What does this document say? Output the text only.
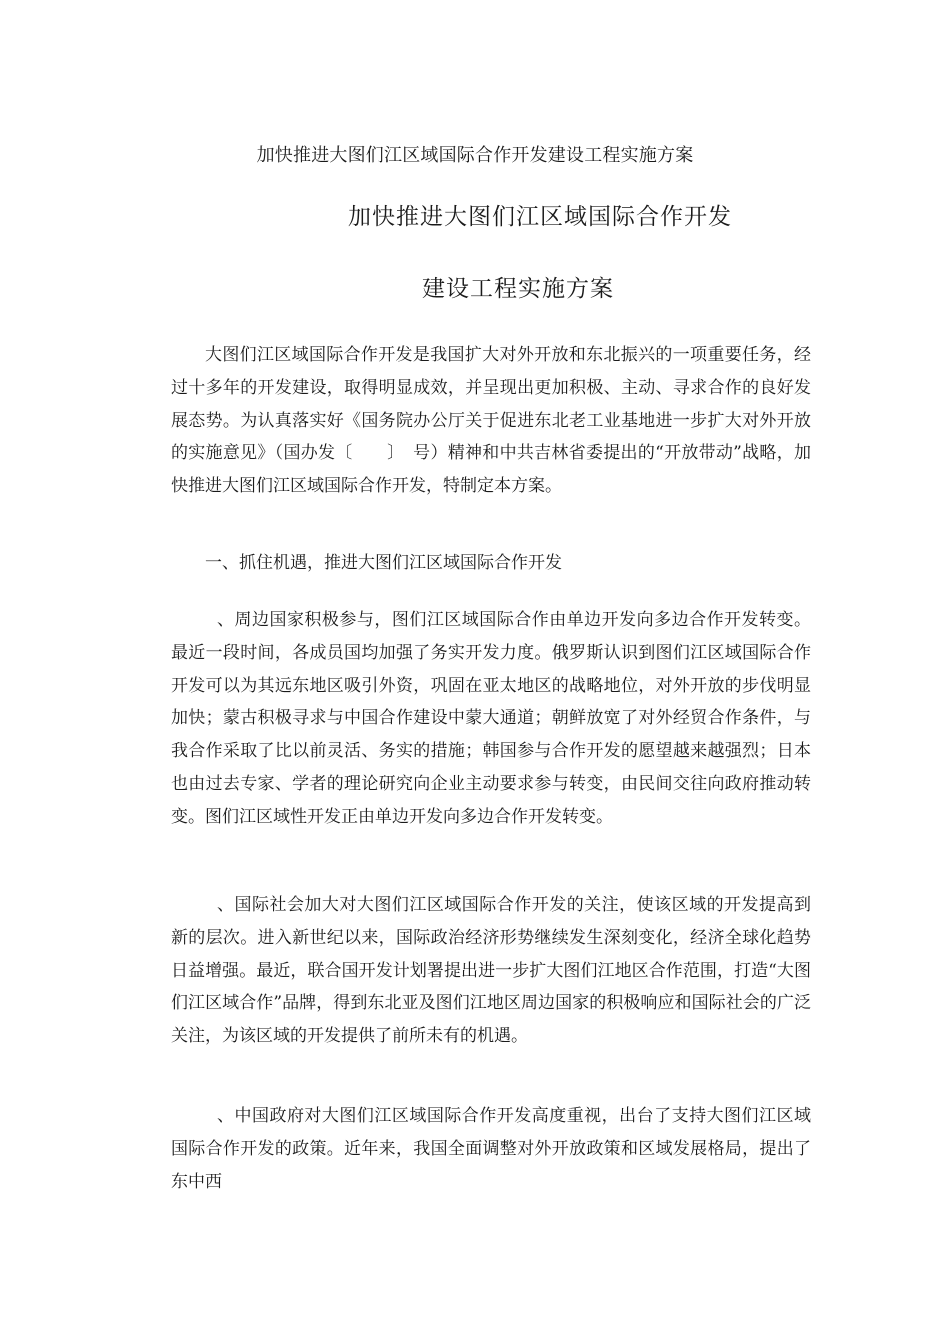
加快推进大图们江区域国际合作开发建设工程实施方案
加快推进大图们江区域国际合作开发
建设工程实施方案

大图们江区域国际合作开发是我国扩大对外开放和东北振兴的一项重要任务，经过十多年的开发建设，取得明显成效，并呈现出更加积极、主动、寻求合作的良好发展态势。为认真落实好《国务院办公厅关于促进东北老工业基地进一步扩大对外开放的实施意见》（国办发〔　　〕　号）精神和中共吉林省委提出的“开放带动”战略，加快推进大图们江区域国际合作开发，特制定本方案。

一、抓住机遇，推进大图们江区域国际合作开发

、周边国家积极参与，图们江区域国际合作由单边开发向多边合作开发转变。最近一段时间，各成员国均加强了务实开发力度。俄罗斯认识到图们江区域国际合作开发可以为其远东地区吸引外资，巩固在亚太地区的战略地位，对外开放的步伐明显加快；蒙古积极寻求与中国合作建设中蒙大通道；朝鲜放宽了对外经贸合作条件，与我合作采取了比以前灵活、务实的措施；韩国参与合作开发的愿望越来越强烈；日本也由过去专家、学者的理论研究向企业主动要求参与转变，由民间交往向政府推动转变。图们江区域性开发正由单边开发向多边合作开发转变。

、国际社会加大对大图们江区域国际合作开发的关注，使该区域的开发提高到新的层次。进入新世纪以来，国际政治经济形势继续发生深刻变化，经济全球化趋势日益增强。最近，联合国开发计划署提出进一步扩大图们江地区合作范围，打造“大图们江区域合作”品牌，得到东北亚及图们江地区周边国家的积极响应和国际社会的广泛关注，为该区域的开发提供了前所未有的机遇。

、中国政府对大图们江区域国际合作开发高度重视，出台了支持大图们江区域国际合作开发的政策。近年来，我国全面调整对外开放政策和区域发展格局，提出了东中西
